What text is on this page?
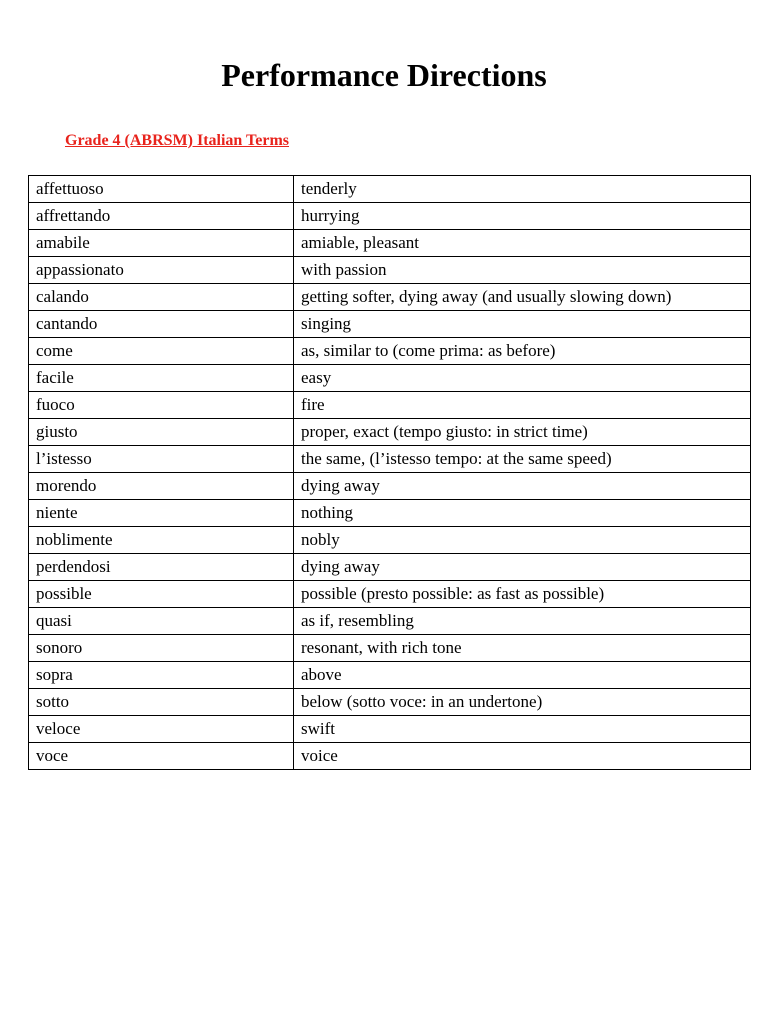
Performance Directions
Grade 4 (ABRSM) Italian Terms
affettuoso	tenderly
affrettando	hurrying
amabile	amiable, pleasant
appassionato	with passion
calando	getting softer, dying away (and usually slowing down)
cantando	singing
come	as, similar to (come prima: as before)
facile	easy
fuoco	fire
giusto	proper, exact (tempo giusto: in strict time)
l’istesso	the same, (l’istesso tempo: at the same speed)
morendo	dying away
niente	nothing
noblimente	nobly
perdendosi	dying away
possible	possible (presto possible: as fast as possible)
quasi	as if, resembling
sonoro	resonant, with rich tone
sopra	above
sotto	below (sotto voce: in an undertone)
veloce	swift
voce	voice
